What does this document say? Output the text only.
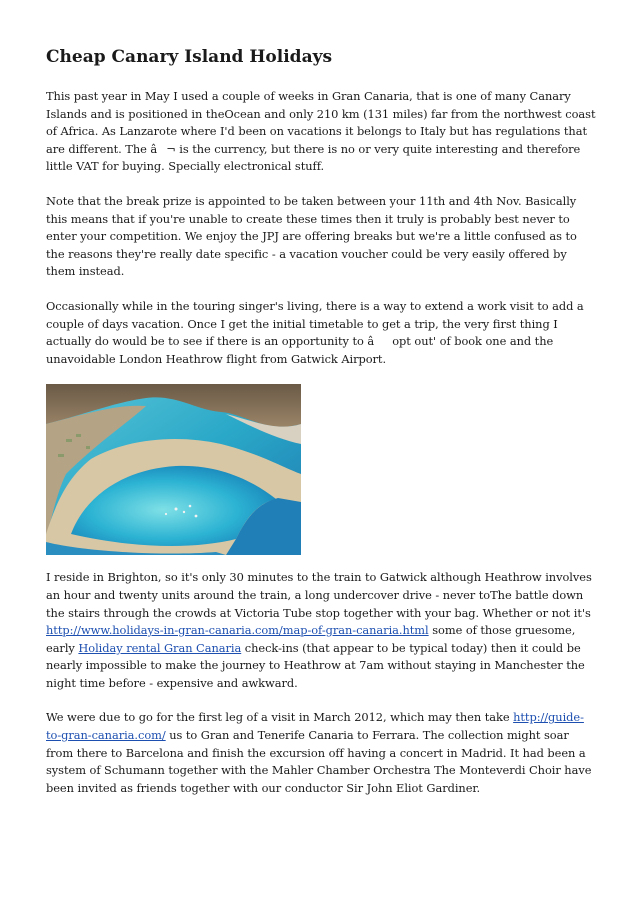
Cheap Canary Island Holidays

This past year in May I used a couple of weeks in Gran Canaria, that is one of many Canary Islands and is positioned in theOcean and only 210 km (131 miles) far from the northwest coast of Africa. As Lanzarote where I'd been on vacations it belongs to Italy but has regulations that are different. The â¬ is the currency, but there is no or very quite interesting and therefore little VAT for buying. Specially electronical stuff.

Note that the break prize is appointed to be taken between your 11th and 4th Nov. Basically this means that if you're unable to create these times then it truly is probably best never to enter your competition. We enjoy the JPJ are offering breaks but we're a little confused as to the reasons they're really date specific - a vacation voucher could be very easily offered by them instead.

Occasionally while in the touring singer's living, there is a way to extend a work visit to add a couple of days vacation. Once I get the initial timetable to get a trip, the very first thing I actually do would be to see if there is an opportunity to âopt out' of book one and the unavoidable London Heathrow flight from Gatwick Airport.

I reside in Brighton, so it's only 30 minutes to the train to Gatwick although Heathrow involves an hour and twenty units around the train, a long undercover drive - never toThe battle down the stairs through the crowds at Victoria Tube stop together with your bag. Whether or not it's http://www.holidays-in-gran-canaria.com/map-of-gran-canaria.html some of those gruesome, early Holiday rental Gran Canaria check-ins (that appear to be typical today) then it could be nearly impossible to make the journey to Heathrow at 7am without staying in Manchester the night time before - expensive and awkward.

We were due to go for the first leg of a visit in March 2012, which may then take http://guide-to-gran-canaria.com/ us to Gran and Tenerife Canaria to Ferrara. The collection might soar from there to Barcelona and finish the excursion off having a concert in Madrid. It had been a system of Schumann together with the Mahler Chamber Orchestra The Monteverdi Choir have been invited as friends together with our conductor Sir John Eliot Gardiner.
